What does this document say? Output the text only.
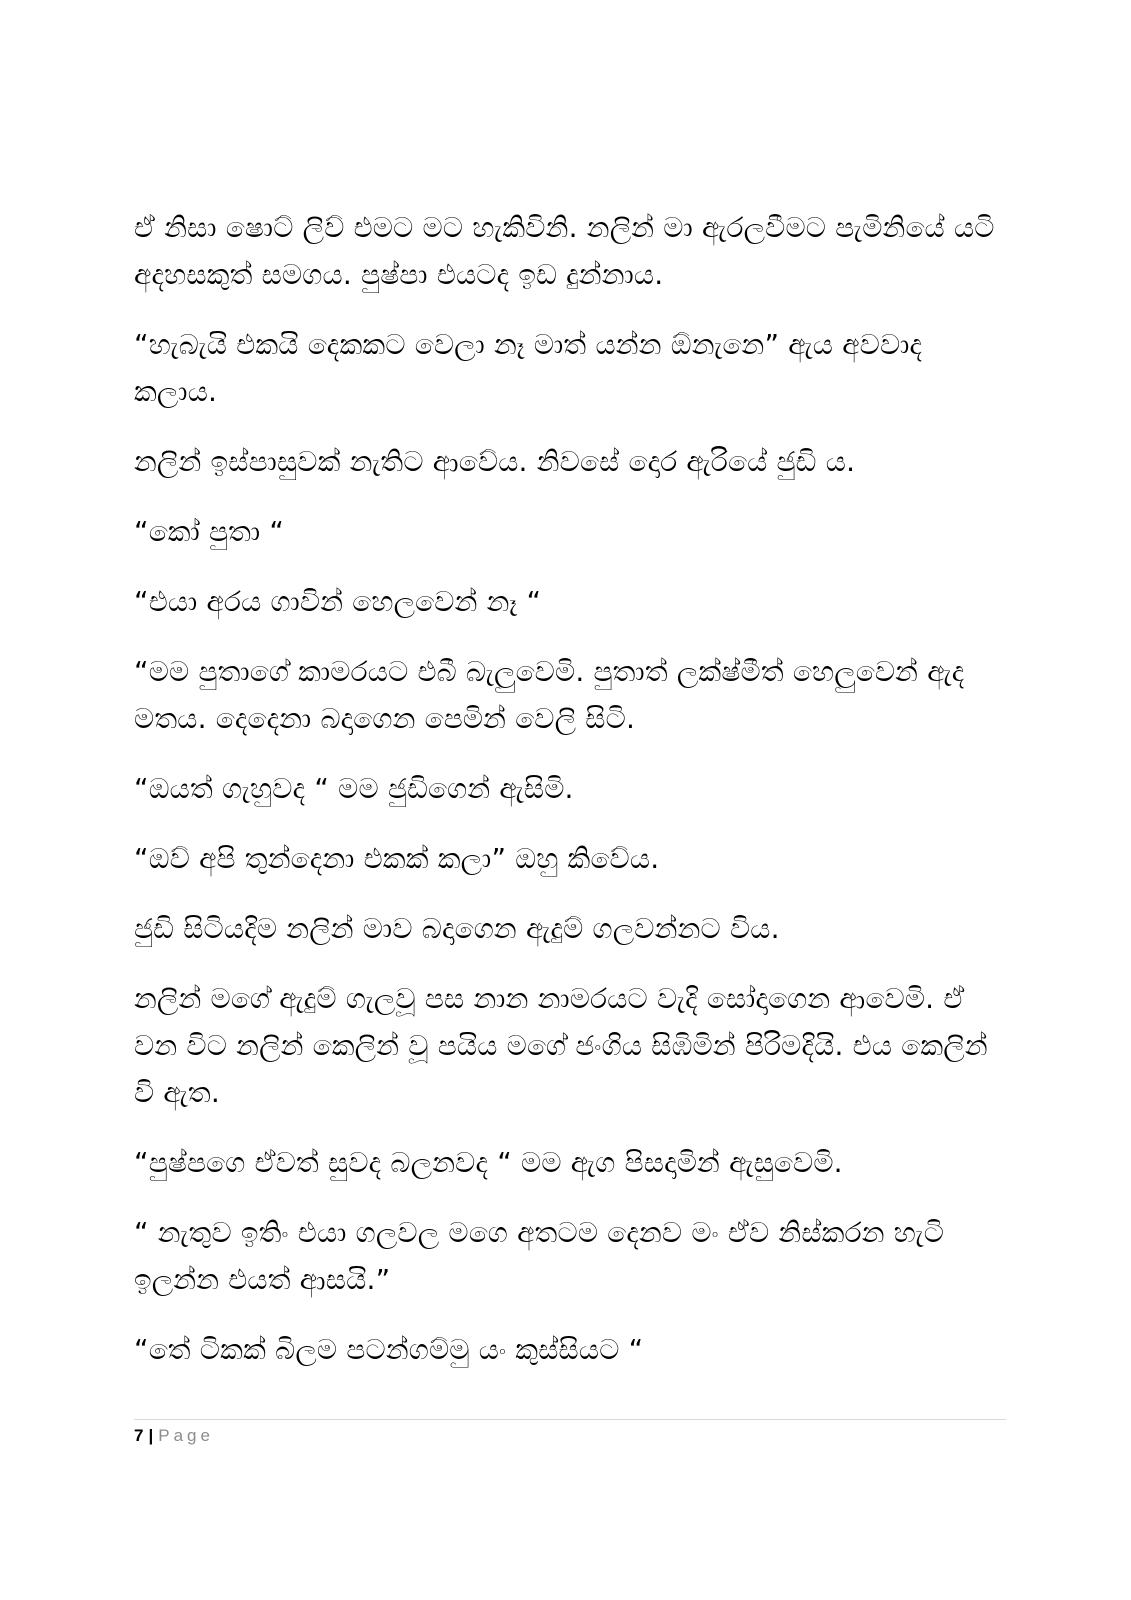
ඒ නිසා ෂොට් ලිව් එමට මට හැකිවිනි. නලින් මා ඇරලවීමට පැමිනියේ යටි අදහසකුත් සමගය. පුෂ්පා එයටද ඉඩ දුන්නාය.

“හැබැයි එකයි දෙකකට වෙලා නෑ මාත් යන්න ඕනැනෙ” ඇය අවවාද කලාය.

නලින් ඉස්පාසුවක් නැතිට ආවේය. නිවසේ දොර ඇරියේ ජුඩි ය.

“කෝ පුතා “

“එයා අරය ගාවින් හෙලවෙන් නෑ “

“මම පුතාගේ කාමරයට එබී බැලුවෙමි. පුතාත් ලක්ෂ්මීත් හෙලුවෙන් ඇද මතය. දෙදෙනා බදාගෙන පෙමින් වෙලි සිටි.

“ඔයත් ගැහුවද “ මම ජුඩිගෙන් ඇසිමි.

“ඔව් අපි තුන්දෙනා එකක් කලා” ඔහු කිවේය.

ජුඩි සිටියදිම නලින් මාව බදාගෙන ඇදුම් ගලවන්නට විය.

නලින් මගේ ඇදුම් ගැලවූ පස නාන නාමරයට වැදි සෝදාගෙන ආවෙමි. ඒ වන විට නලින් කෙලින් වූ පයිය මගේ ජංගිය සිඹිමින් පිරිමදියි. එය කෙලින් වි ඇත.

“පුෂ්පගෙ ඒවත් සුවද බලනවද “ මම ඇග පිසදාමින් ඇසුවෙමි.

“ නැතුව ඉතිං එයා ගලවල මගෙ අතටම දෙනව මං ඒව නිස්කරන හැටි ඉලන්න එයත් ආසයි.”

“තේ ටිකක් බිලම පටන්ගම්මු යං කුස්සියට “

7 | Page
